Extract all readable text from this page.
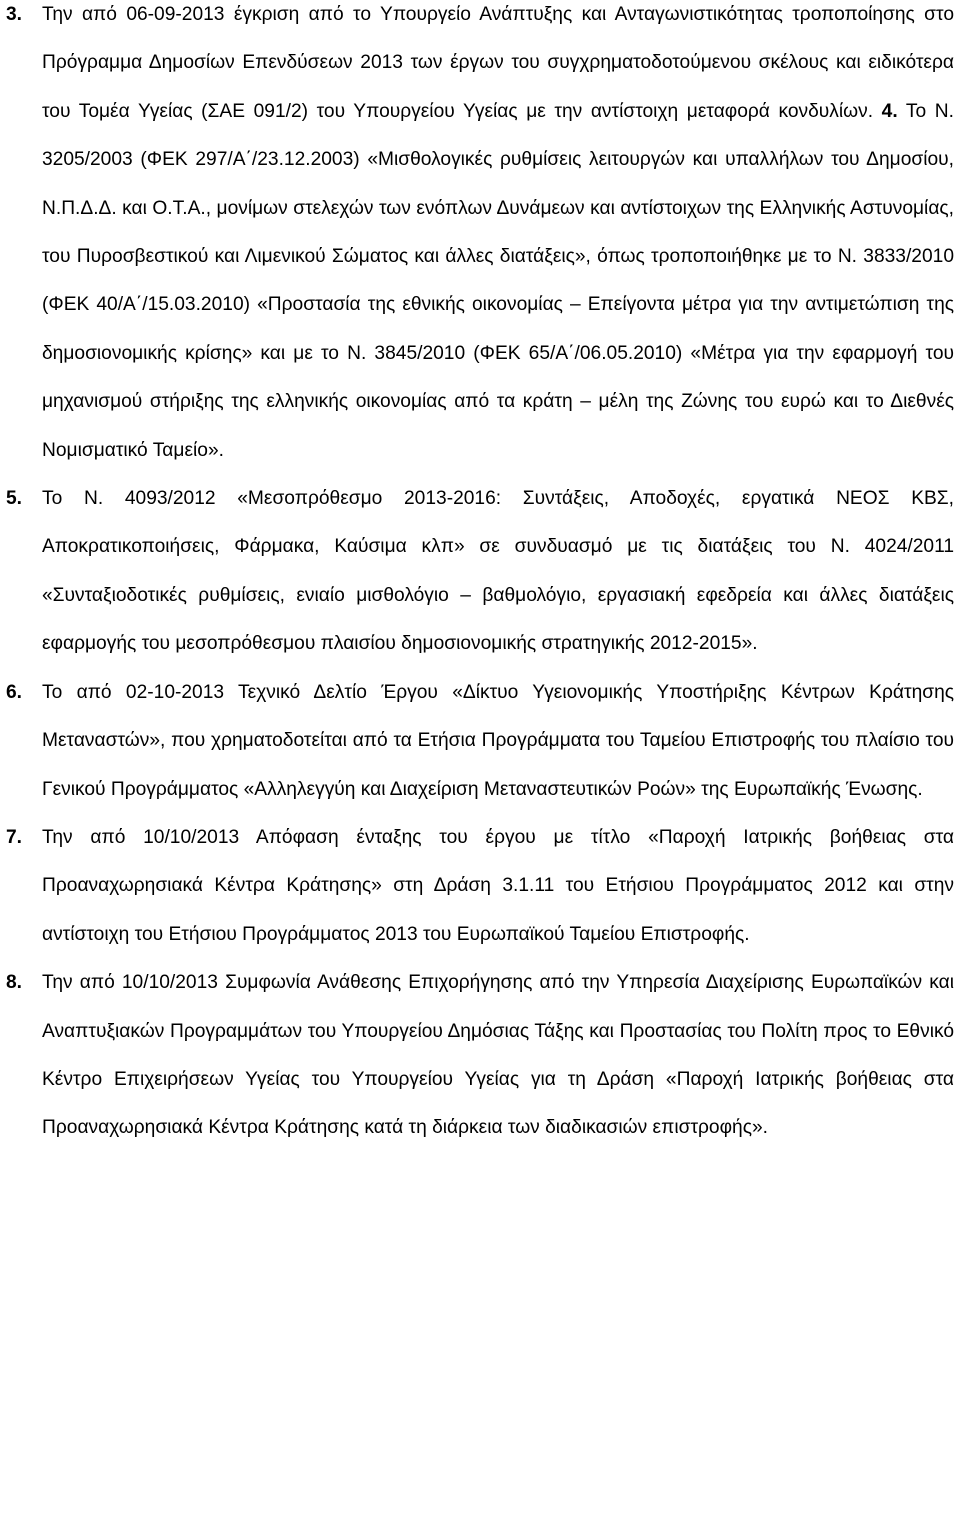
3. Την από 06-09-2013 έγκριση από το Υπουργείο Ανάπτυξης και Ανταγωνιστικότητας τροποποίησης στο Πρόγραμμα Δημοσίων Επενδύσεων 2013 των έργων του συγχρηματοδοτούμενου σκέλους και ειδικότερα του Τομέα Υγείας (ΣΑΕ 091/2) του Υπουργείου Υγείας με την αντίστοιχη μεταφορά κονδυλίων. 4. Το Ν. 3205/2003 (ΦΕΚ 297/Α΄/23.12.2003) «Μισθολογικές ρυθμίσεις λειτουργών και υπαλλήλων του Δημοσίου, Ν.Π.Δ.Δ. και Ο.Τ.Α., μονίμων στελεχών των ενόπλων Δυνάμεων και αντίστοιχων της Ελληνικής Αστυνομίας, του Πυροσβεστικού και Λιμενικού Σώματος και άλλες διατάξεις», όπως τροποποιήθηκε με το Ν. 3833/2010 (ΦΕΚ 40/Α΄/15.03.2010) «Προστασία της εθνικής οικονομίας – Επείγοντα μέτρα για την αντιμετώπιση της δημοσιονομικής κρίσης» και με το Ν. 3845/2010 (ΦΕΚ 65/Α΄/06.05.2010) «Μέτρα για την εφαρμογή του μηχανισμού στήριξης της ελληνικής οικονομίας από τα κράτη – μέλη της Ζώνης του ευρώ και το Διεθνές Νομισματικό Ταμείο».

5. Το Ν. 4093/2012 «Μεσοπρόθεσμο 2013-2016: Συντάξεις, Αποδοχές, εργατικά ΝΕΟΣ ΚΒΣ, Αποκρατικοποιήσεις, Φάρμακα, Καύσιμα κλπ» σε συνδυασμό με τις διατάξεις του Ν. 4024/2011 «Συνταξιοδοτικές ρυθμίσεις, ενιαίο μισθολόγιο – βαθμολόγιο, εργασιακή εφεδρεία και άλλες διατάξεις εφαρμογής του μεσοπρόθεσμου πλαισίου δημοσιονομικής στρατηγικής 2012-2015».

6. Το από 02-10-2013 Τεχνικό Δελτίο Έργου «Δίκτυο Υγειονομικής Υποστήριξης Κέντρων Κράτησης Μεταναστών», που χρηματοδοτείται από τα Ετήσια Προγράμματα του Ταμείου Επιστροφής του πλαίσιο του Γενικού Προγράμματος «Αλληλεγγύη και Διαχείριση Μεταναστευτικών Ροών» της Ευρωπαϊκής Ένωσης.

7. Την από 10/10/2013 Απόφαση ένταξης του έργου με τίτλο «Παροχή Ιατρικής βοήθειας στα Προαναχωρησιακά Κέντρα Κράτησης» στη Δράση 3.1.11 του Ετήσιου Προγράμματος 2012 και στην αντίστοιχη του Ετήσιου Προγράμματος 2013 του Ευρωπαϊκού Ταμείου Επιστροφής.

8. Την από 10/10/2013 Συμφωνία Ανάθεσης Επιχορήγησης από την Υπηρεσία Διαχείρισης Ευρωπαϊκών και Αναπτυξιακών Προγραμμάτων του Υπουργείου Δημόσιας Τάξης και Προστασίας του Πολίτη προς το Εθνικό Κέντρο Επιχειρήσεων Υγείας του Υπουργείου Υγείας για τη Δράση «Παροχή Ιατρικής βοήθειας στα Προαναχωρησιακά Κέντρα Κράτησης κατά τη διάρκεια των διαδικασιών επιστροφής».
